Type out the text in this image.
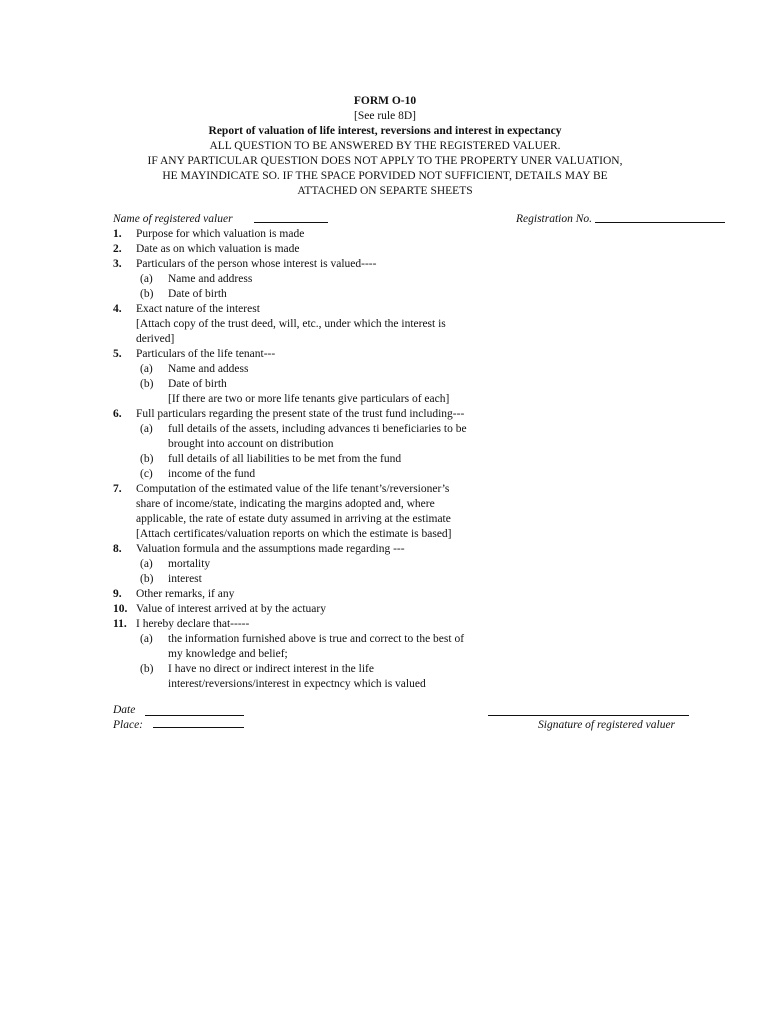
FORM O-10
[See rule 8D]
Report of valuation of life interest, reversions and interest in expectancy
ALL QUESTION TO BE ANSWERED BY THE REGISTERED VALUER.
IF ANY PARTICULAR QUESTION DOES NOT APPLY TO THE PROPERTY UNER VALUATION,
HE MAYINDICATE SO. IF THE SPACE PORVIDED NOT SUFFICIENT, DETAILS MAY BE
ATTACHED ON SEPARTE SHEETS
Name of registered valuer	Registration No.
1. Purpose for which valuation is made
2. Date as on which valuation is made
3. Particulars of the person whose interest is valued----
(a) Name and address
(b) Date of birth
4. Exact nature of the interest
[Attach copy of the trust deed, will, etc., under which the interest is
derived]
5. Particulars of the life tenant---
(a) Name and addess
(b) Date of birth
[If there are two or more life tenants give particulars of each]
6. Full particulars regarding the present state of the trust fund including---
(a) full details of the assets, including advances ti beneficiaries to be
brought into account on distribution
(b) full details of all liabilities to be met from the fund
(c) income of the fund
7. Computation of the estimated value of the life tenant’s/reversioner’s
share of income/state, indicating the margins adopted and, where
applicable, the rate of estate duty assumed in arriving at the estimate
[Attach certificates/valuation reports on which the estimate is based]
8. Valuation formula and the assumptions made regarding ---
(a) mortality
(b) interest
9. Other remarks, if any
10. Value of interest arrived at by the actuary
11. I hereby declare that-----
(a) the information furnished above is true and correct to the best of
my knowledge and belief;
(b) I have no direct or indirect interest in the life
interest/reversions/interest in expectncy which is valued
Date
Place:	Signature of registered valuer
